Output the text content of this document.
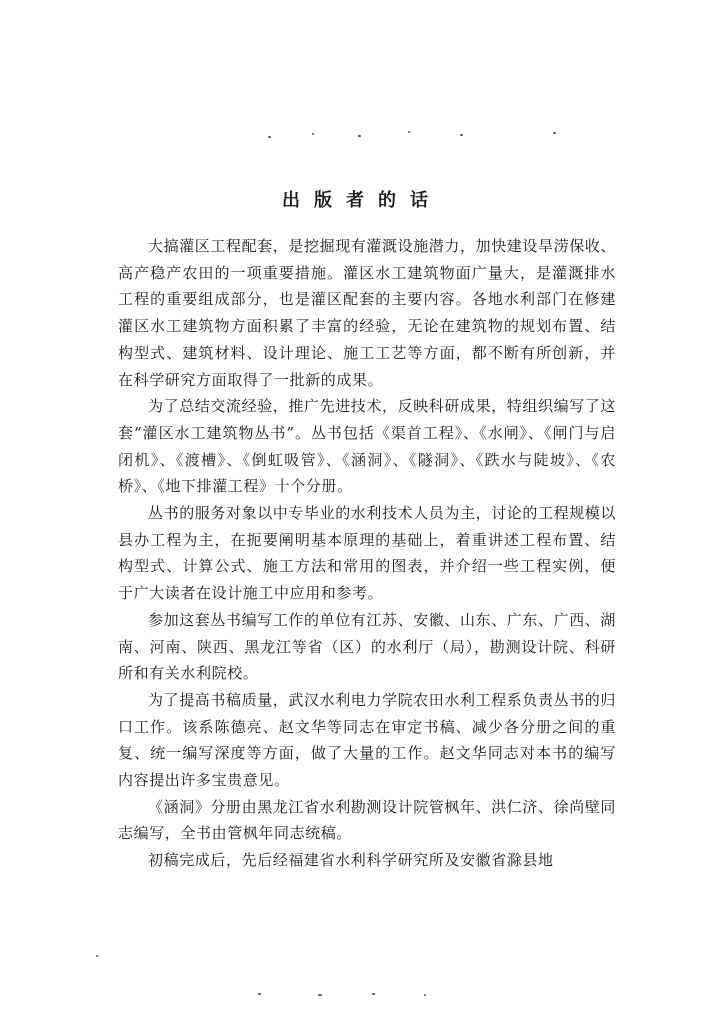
出版者的话

大搞灌区工程配套，是挖掘现有灌溉设施潜力，加快建设旱涝保收、高产稳产农田的一项重要措施。灌区水工建筑物面广量大，是灌溉排水工程的重要组成部分，也是灌区配套的主要内容。各地水利部门在修建灌区水工建筑物方面积累了丰富的经验，无论在建筑物的规划布置、结构型式、建筑材料、设计理论、施工工艺等方面，都不断有所创新，并在科学研究方面取得了一批新的成果。

为了总结交流经验，推广先进技术，反映科研成果，特组织编写了这套“灌区水工建筑物丛书”。丛书包括《渠首工程》、《水闸》、《闸门与启闭机》、《渡槽》、《倒虹吸管》、《涵洞》、《隧洞》、《跌水与陡坡》、《农桥》、《地下排灌工程》十个分册。

丛书的服务对象以中专毕业的水利技术人员为主，讨论的工程规模以县办工程为主，在扼要阐明基本原理的基础上，着重讲述工程布置、结构型式、计算公式、施工方法和常用的图表，并介绍一些工程实例，便于广大读者在设计施工中应用和参考。

参加这套丛书编写工作的单位有江苏、安徽、山东、广东、广西、湖南、河南、陕西、黑龙江等省（区）的水利厅（局），勘测设计院、科研所和有关水利院校。

为了提高书稿质量，武汉水利电力学院农田水利工程系负责丛书的归口工作。该系陈德亮、赵文华等同志在审定书稿、减少各分册之间的重复、统一编写深度等方面，做了大量的工作。赵文华同志对本书的编写内容提出许多宝贵意见。

《涵洞》分册由黑龙江省水利勘测设计院管枫年、洪仁济、徐尚壁同志编写，全书由管枫年同志统稿。

初稿完成后，先后经福建省水利科学研究所及安徽省滁县地
